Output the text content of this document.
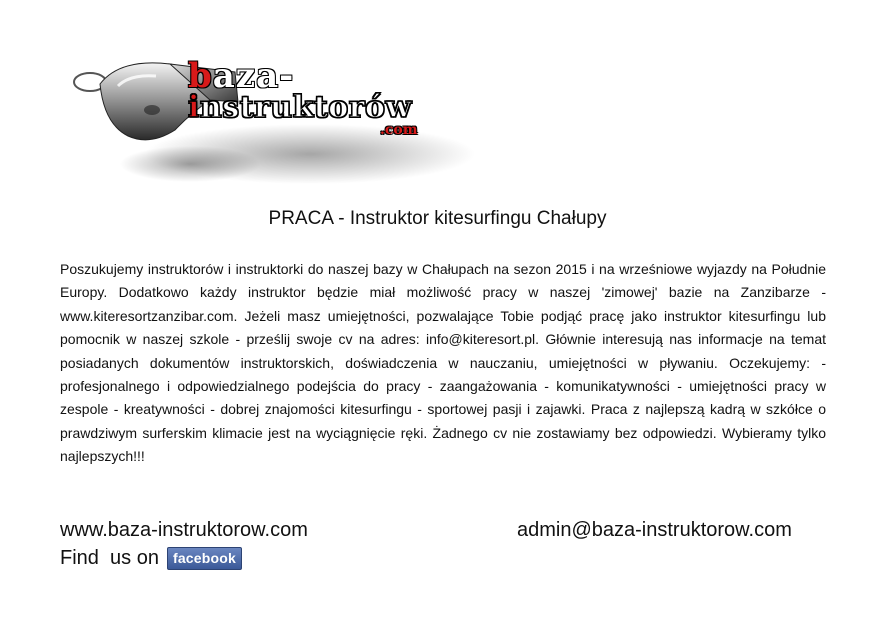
baza-
instruktorów
.com
PRACA - Instruktor kitesurfingu Chałupy
Poszukujemy instruktorów i instruktorki do naszej bazy w Chałupach na sezon 2015 i na wrześniowe wyjazdy na Południe Europy. Dodatkowo każdy instruktor będzie miał możliwość pracy w naszej 'zimowej' bazie na Zanzibarze - www.kiteresortzanzibar.com. Jeżeli masz umiejętności, pozwalające Tobie podjąć pracę jako instruktor kitesurfingu lub pomocnik w naszej szkole - prześlij swoje cv na adres: info@kiteresort.pl. Głównie interesują nas informacje na temat posiadanych dokumentów instruktorskich, doświadczenia w nauczaniu, umiejętności w pływaniu. Oczekujemy: - profesjonalnego i odpowiedzialnego podejścia do pracy - zaangażowania - komunikatywności - umiejętności pracy w zespole - kreatywności - dobrej znajomości kitesurfingu - sportowej pasji i zajawki. Praca z najlepszą kadrą w szkółce o prawdziwym surferskim klimacie jest na wyciągnięcie ręki. Żadnego cv nie zostawiamy bez odpowiedzi. Wybieramy tylko najlepszych!!!
www.baza-instruktorow.com	admin@baza-instruktorow.com
Find  us on	facebook
